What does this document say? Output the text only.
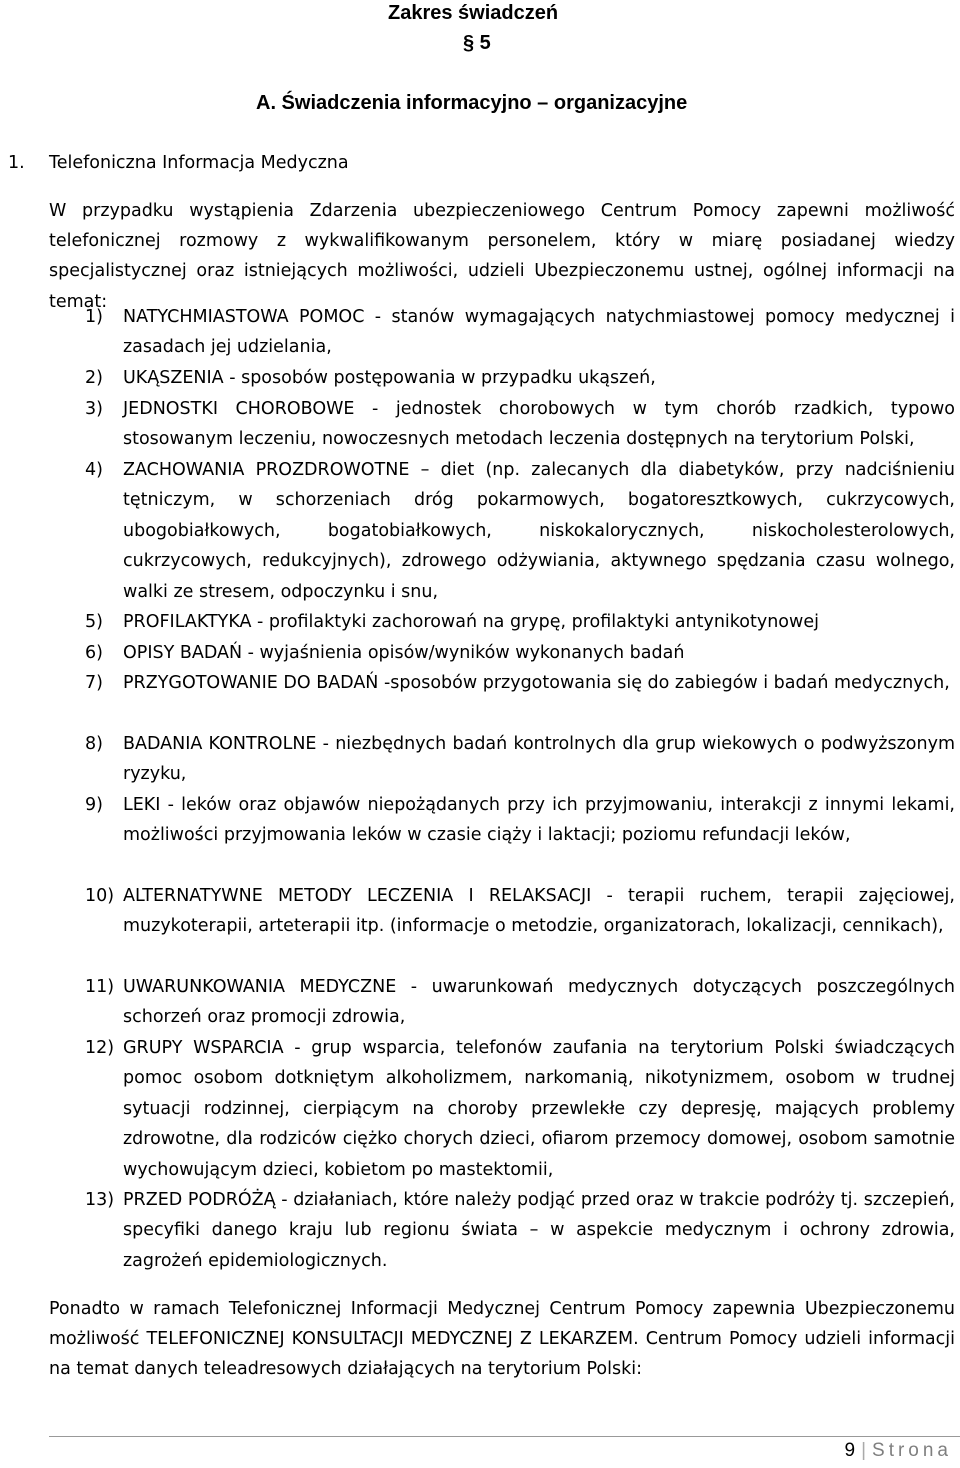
Zakres świadczeń

§ 5

A. Świadczenia informacyjno – organizacyjne

1. Telefoniczna Informacja Medyczna

W przypadku wystąpienia Zdarzenia ubezpieczeniowego Centrum Pomocy zapewni możliwość telefonicznej rozmowy z wykwalifikowanym personelem, który w miarę posiadanej wiedzy specjalistycznej oraz istniejących możliwości, udzieli Ubezpieczonemu ustnej, ogólnej informacji na temat:

1) NATYCHMIASTOWA POMOC - stanów wymagających natychmiastowej pomocy medycznej i zasadach jej udzielania,
2) UKĄSZENIA - sposobów postępowania w przypadku ukąszeń,
3) JEDNOSTKI CHOROBOWE - jednostek chorobowych w tym chorób rzadkich, typowo stosowanym leczeniu, nowoczesnych metodach leczenia dostępnych na terytorium Polski,
4) ZACHOWANIA PROZDROWOTNE – diet (np. zalecanych dla diabetyków, przy nadciśnieniu tętniczym, w schorzeniach dróg pokarmowych, bogatoresztkowych, cukrzycowych, ubogobiałkowych, bogatobiałkowych, niskokalorycznych, niskocholesterolowych, cukrzycowych, redukcyjnych), zdrowego odżywiania, aktywnego spędzania czasu wolnego, walki ze stresem, odpoczynku i snu,
5) PROFILAKTYKA - profilaktyki zachorowań na grypę, profilaktyki antynikotynowej
6) OPISY BADAŃ - wyjaśnienia opisów/wyników wykonanych badań
7) PRZYGOTOWANIE DO BADAŃ -sposobów przygotowania się do zabiegów i badań medycznych,
8) BADANIA KONTROLNE - niezbędnych badań kontrolnych dla grup wiekowych o podwyższonym ryzyku,
9) LEKI - leków oraz objawów niepożądanych przy ich przyjmowaniu, interakcji z innymi lekami, możliwości przyjmowania leków w czasie ciąży i laktacji; poziomu refundacji leków,
10) ALTERNATYWNE METODY LECZENIA I RELAKSACJI - terapii ruchem, terapii zajęciowej, muzykoterapii, arteterapii itp. (informacje o metodzie, organizatorach, lokalizacji, cennikach),
11) UWARUNKOWANIA MEDYCZNE - uwarunkowań medycznych dotyczących poszczególnych schorzeń oraz promocji zdrowia,
12) GRUPY WSPARCIA - grup wsparcia, telefonów zaufania na terytorium Polski świadczących pomoc osobom dotkniętym alkoholizmem, narkomanią, nikotynizmem, osobom w trudnej sytuacji rodzinnej, cierpiącym na choroby przewlekłe czy depresję, mających problemy zdrowotne, dla rodziców ciężko chorych dzieci, ofiarom przemocy domowej, osobom samotnie wychowującym dzieci, kobietom po mastektomii,
13) PRZED PODRÓŻĄ - działaniach, które należy podjąć przed oraz w trakcie podróży tj. szczepień, specyfiki danego kraju lub regionu świata – w aspekcie medycznym i ochrony zdrowia, zagrożeń epidemiologicznych.

Ponadto w ramach Telefonicznej Informacji Medycznej Centrum Pomocy zapewnia Ubezpieczonemu możliwość TELEFONICZNEJ KONSULTACJI MEDYCZNEJ Z LEKARZEM. Centrum Pomocy udzieli informacji na temat danych teleadresowych działających na terytorium Polski:

9 | Strona
